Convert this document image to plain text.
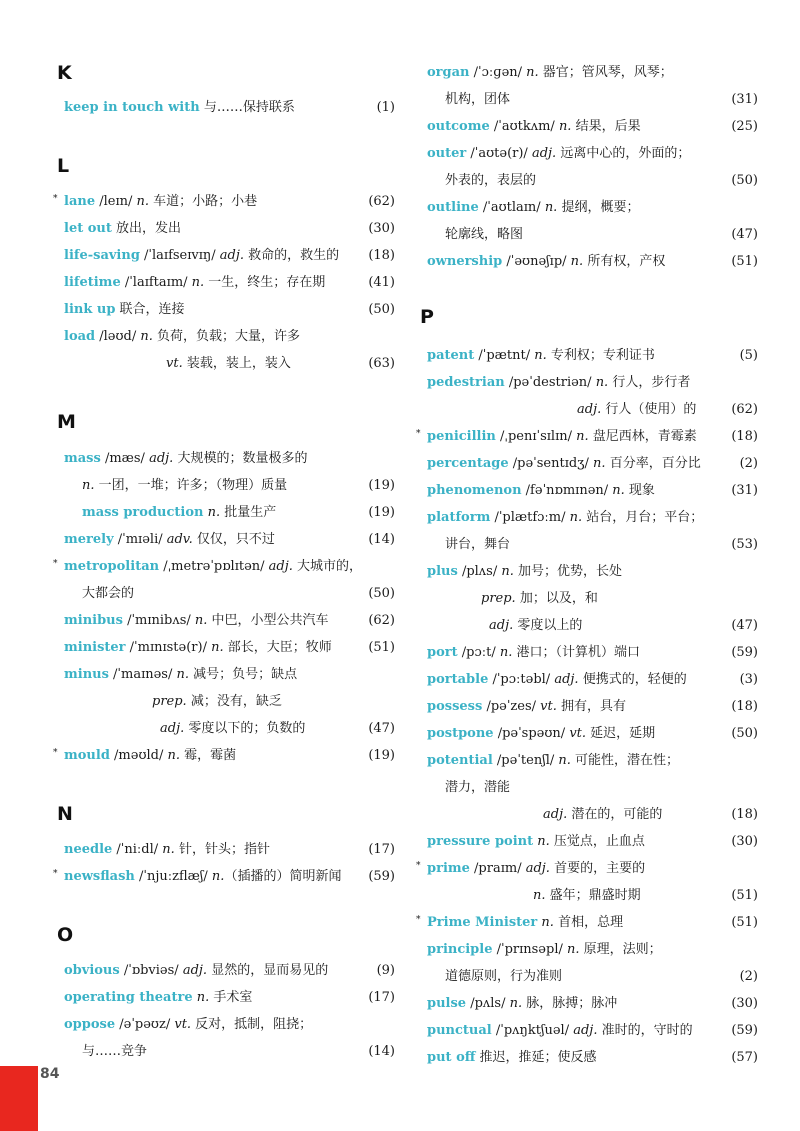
K
keep in touch with 与……保持联系	(1)
L
* lane /leɪn/ n. 车道；小路；小巷	(62)
let out 放出，发出	(30)
life-saving /ˈlaɪfseɪvɪŋ/ adj. 救命的，救生的 (18)
lifetime /ˈlaɪftaɪm/ n. 一生，终生；存在期	(41)
link up 联合，连接	(50)
load /ləʊd/ n. 负荷，负载；大量，许多
vt. 装载，装上，装入	(63)
M
mass /mæs/ adj. 大规模的；数量极多的
n. 一团，一堆；许多；（物理）质量	(19)
mass production n. 批量生产	(19)
merely /ˈmɪəli/ adv. 仅仅，只不过	(14)
* metropolitan /ˌmetrəˈpɒlɪtən/ adj. 大城市的，
大都会的	(50)
minibus /ˈmɪnibʌs/ n. 中巴，小型公共汽车	(62)
minister /ˈmɪnɪstə(r)/ n. 部长，大臣；牧师	(51)
minus /ˈmaɪnəs/ n. 减号；负号；缺点
prep. 减；没有，缺乏
adj. 零度以下的；负数的	(47)
* mould /məʊld/ n. 霉，霉菌	(19)
N
needle /ˈniːdl/ n. 针，针头；指针	(17)
* newsflash /ˈnjuːzflæʃ/ n.（插播的）简明新闻 (59)
O
obvious /ˈɒbviəs/ adj. 显然的，显而易见的	(9)
operating theatre n. 手术室	(17)
oppose /əˈpəʊz/ vt. 反对，抵制，阻挠；
与……竞争	(14)
organ /ˈɔːɡən/ n. 器官；管风琴，风琴；
机构，团体	(31)
outcome /ˈaʊtkʌm/ n. 结果，后果	(25)
outer /ˈaʊtə(r)/ adj. 远离中心的，外面的；
外表的，表层的	(50)
outline /ˈaʊtlaɪn/ n. 提纲，概要；
轮廓线，略图	(47)
ownership /ˈəʊnəʃɪp/ n. 所有权，产权	(51)
P
patent /ˈpætnt/ n. 专利权；专利证书	(5)
pedestrian /pəˈdestriən/ n. 行人，步行者
adj. 行人（使用）的	(62)
* penicillin /ˌpenɪˈsɪlɪn/ n. 盘尼西林，青霉素	(18)
percentage /pəˈsentɪdʒ/ n. 百分率，百分比	(2)
phenomenon /fəˈnɒmɪnən/ n. 现象	(31)
platform /ˈplætfɔːm/ n. 站台，月台；平台；
讲台，舞台	(53)
plus /plʌs/ n. 加号；优势，长处
prep. 加；以及，和
adj. 零度以上的	(47)
port /pɔːt/ n. 港口；（计算机）端口	(59)
portable /ˈpɔːtəbl/ adj. 便携式的，轻便的	(3)
possess /pəˈzes/ vt. 拥有，具有	(18)
postpone /pəˈspəʊn/ vt. 延迟，延期	(50)
potential /pəˈtenʃl/ n. 可能性，潜在性；
潜力，潜能
adj. 潜在的，可能的	(18)
pressure point n. 压觉点，止血点	(30)
* prime /praɪm/ adj. 首要的，主要的
n. 盛年；鼎盛时期	(51)
* Prime Minister n. 首相，总理	(51)
principle /ˈprɪnsəpl/ n. 原理，法则；
道德原则，行为准则	(2)
pulse /pʌls/ n. 脉，脉搏；脉冲	(30)
punctual /ˈpʌŋktʃuəl/ adj. 准时的，守时的	(59)
put off 推迟，推延；使反感	(57)
84
